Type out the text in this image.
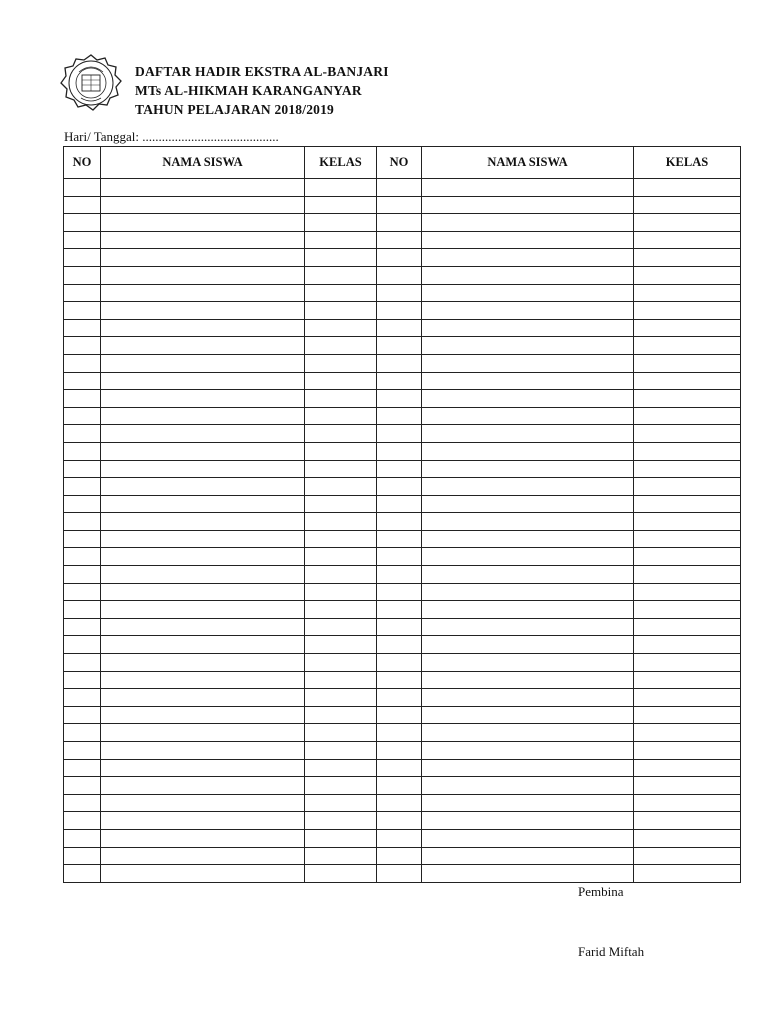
DAFTAR HADIR EKSTRA AL-BANJARI
MTs AL-HIKMAH KARANGANYAR
TAHUN PELAJARAN 2018/2019
Hari/ Tanggal: ..........................................
NO	NAMA SISWA	KELAS	NO	NAMA SISWA	KELAS

Pembina
Farid Miftah
